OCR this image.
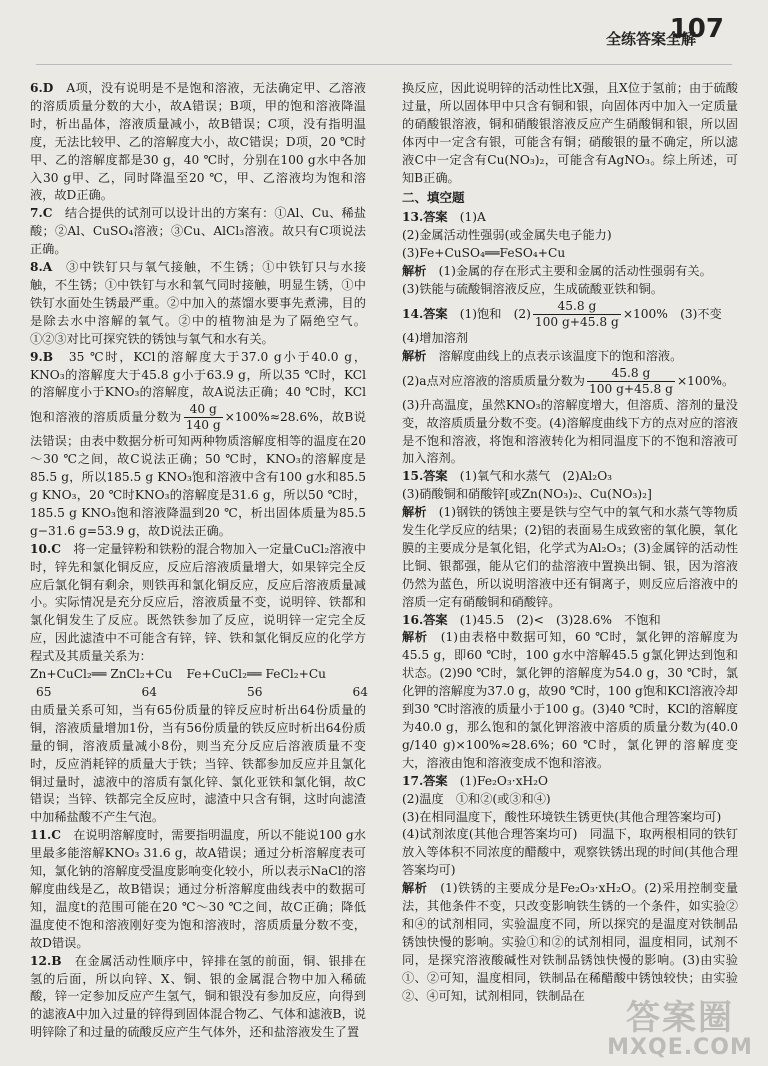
全练答案全解
107

6.D　 A项，没有说明是不是饱和溶液，无法确定甲、乙溶液的溶质质量分数的大小，故A错误；B项，甲的饱和溶液降温时，析出晶体，溶液质量减小，故B错误；C项，没有指明温度，无法比较甲、乙的溶解度大小，故C错误；D项，20 ℃时甲、乙的溶解度都是30 g，40 ℃时，分别在100 g水中各加入30 g甲、乙，同时降温至20 ℃，甲、乙溶液均为饱和溶液，故D正确。

7.C　 结合提供的试剂可以设计出的方案有：①Al、Cu、稀盐酸；②Al、CuSO₄溶液；③Cu、AlCl₃溶液。故只有C项说法正确。

8.A　 ③中铁钉只与氧气接触，不生锈；①中铁钉只与水接触，不生锈；①中铁钉与水和氧气同时接触，明显生锈，①中铁钉水面处生锈最严重。②中加入的蒸馏水要事先煮沸，目的是除去水中溶解的氧气。②中的植物油是为了隔绝空气。①②③对比可探究铁的锈蚀与氧气和水有关。

9.B　 35 ℃时，KCl的溶解度大于37.0 g小于40.0 g，KNO₃的溶解度大于45.8 g小于63.9 g，所以35 ℃时，KCl的溶解度小于KNO₃的溶解度，故A说法正确；40 ℃时，KCl饱和溶液的溶质质量分数为 $\frac{40 g}{140 g} \times 100\%\approx 28.6\%$，故B说法错误；由表中数据分析可知两种物质溶解度相等的温度在20～30 ℃之间，故C说法正确；50 ℃时，KNO₃的溶解度是85.5 g，所以185.5 g KNO₃饱和溶液中含有100 g水和85.5 g KNO₃，20 ℃时KNO₃的溶解度是31.6 g，所以50 ℃时，185.5 g KNO₃饱和溶液降温到20 ℃，析出固体质量为85.5 g−31.6 g=53.9 g，故D说法正确。

10.C　 将一定量锌粉和铁粉的混合物加入一定量CuCl₂溶液中时，锌先和氯化铜反应，反应后溶液质量增大，如果锌完全反应后氯化铜有剩余，则铁再和氯化铜反应，反应后溶液质量减小。实际情况是充分反应后，溶液质量不变，说明锌、铁都和氯化铜发生了反应。既然铁参加了反应，说明锌一定完全反应，因此滤渣中不可能含有锌，锌、铁和氯化铜反应的化学方程式及其质量关系为：

Zn+CuCl₂══ ZnCl₂+Cu Fe+CuCl₂══ FeCl₂+Cu
65	64	56	64

由质量关系可知，当有65份质量的锌反应时析出64份质量的铜，溶液质量增加1份，当有56份质量的铁反应时析出64份质量的铜，溶液质量减小8份，则当充分反应后溶液质量不变时，反应消耗锌的质量大于铁；当锌、铁都参加反应并且氯化铜过量时，滤液中的溶质有氯化锌、氯化亚铁和氯化铜，故C错误；当锌、铁都完全反应时，滤渣中只含有铜，这时向滤渣中加稀盐酸不产生气泡。

11.C　 在说明溶解度时，需要指明温度，所以不能说100 g水里最多能溶解KNO₃ 31.6 g，故A错误；通过分析溶解度表可知，氯化钠的溶解度受温度影响变化较小，所以表示NaCl的溶解度曲线是乙，故B错误；通过分析溶解度曲线表中的数据可知，温度t的范围可能在20 ℃～30 ℃之间，故C正确；降低温度使不饱和溶液刚好变为饱和溶液时，溶质质量分数不变，故D错误。

12.B　 在金属活动性顺序中，锌排在氢的前面，铜、银排在氢的后面，所以向锌、X、铜、银的金属混合物中加入稀硫酸，锌一定参加反应产生氢气，铜和银没有参加反应，向得到的滤液A中加入过量的锌得到固体混合物乙、气体和滤液B，说明锌除了和过量的硫酸反应产生气体外，还和盐溶液发生了置

换反应，因此说明锌的活动性比X强，且X位于氢前；由于硫酸过量，所以固体甲中只含有铜和银，向固体丙中加入一定质量的硝酸银溶液，铜和硝酸银溶液反应产生硝酸铜和银，所以固体丙中一定含有银，可能含有铜；硝酸银的量不确定，所以滤液C中一定含有Cu(NO₃)₂，可能含有AgNO₃。综上所述，可知B正确。

二、填空题

13.答案　 (1)A

(2)金属活动性强弱(或金属失电子能力)

(3)Fe+CuSO₄══FeSO₄+Cu

解析　 (1)金属的存在形式主要和金属的活动性强弱有关。

(3)铁能与硫酸铜溶液反应，生成硫酸亚铁和铜。

14.答案　 (1)饱和　$(2) \frac{45.8 g}{100 g+45.8 g} \times 100\%$　(3)不变

(4)增加溶剂

解析　 溶解度曲线上的点表示该温度下的饱和溶液。

(2)a点对应溶液的溶质质量分数为 $\frac{45.8 g}{100 g+45.8 g} \times 100\%$。

(3)升高温度，虽然KNO₃的溶解度增大，但溶质、溶剂的量没变，故溶质质量分数不变。(4)溶解度曲线下方的点对应的溶液是不饱和溶液，将饱和溶液转化为相同温度下的不饱和溶液可加入溶剂。

15.答案　 (1)氧气和水蒸气　(2)Al₂O₃

(3)硝酸铜和硝酸锌[或Zn(NO₃)₂、Cu(NO₃)₂]

解析　 (1)钢铁的锈蚀主要是铁与空气中的氧气和水蒸气等物质发生化学反应的结果；(2)铝的表面易生成致密的氧化膜，氧化膜的主要成分是氧化铝，化学式为Al₂O₃；(3)金属锌的活动性比铜、银都强，能从它们的盐溶液中置换出铜、银，因为溶液仍然为蓝色，所以说明溶液中还有铜离子，则反应后溶液中的溶质一定有硝酸铜和硝酸锌。

16.答案　 (1)45.5　(2)<　(3)28.6%　不饱和

解析　 (1)由表格中数据可知，60 ℃时，氯化钾的溶解度为45.5 g，即60 ℃时，100 g水中溶解45.5 g氯化钾达到饱和状态。(2)90 ℃时，氯化钾的溶解度为54.0 g，30 ℃时，氯化钾的溶解度为37.0 g，故90 ℃时，100 g饱和KCl溶液冷却到30 ℃时溶液的质量小于100 g。(3)40 ℃时，KCl的溶解度为40.0 g，那么饱和的氯化钾溶液中溶质的质量分数为(40.0 g/140 g)×100%≈28.6%；60 ℃时，氯化钾的溶解度变大，溶液由饱和溶液变成不饱和溶液。

17.答案　 (1)Fe₂O₃·xH₂O

(2)温度　①和②(或③和④)

(3)在相同温度下，酸性环境铁生锈更快(其他合理答案均可)

(4)试剂浓度(其他合理答案均可)　同温下，取两根相同的铁钉放入等体积不同浓度的醋酸中，观察铁锈出现的时间(其他合理答案均可)

解析　 (1)铁锈的主要成分是Fe₂O₃·xH₂O。(2)采用控制变量法，其他条件不变，只改变影响铁生锈的一个条件，如实验②和④的试剂相同，实验温度不同，所以探究的是温度对铁制品锈蚀快慢的影响。实验①和②的试剂相同，温度相同，试剂不同，是探究溶液酸碱性对铁制品锈蚀快慢的影响。(3)由实验①、②可知，温度相同，铁制品在稀醋酸中锈蚀较快；由实验②、④可知，试剂相同，铁制品在

答案圈
MXQE.COM
